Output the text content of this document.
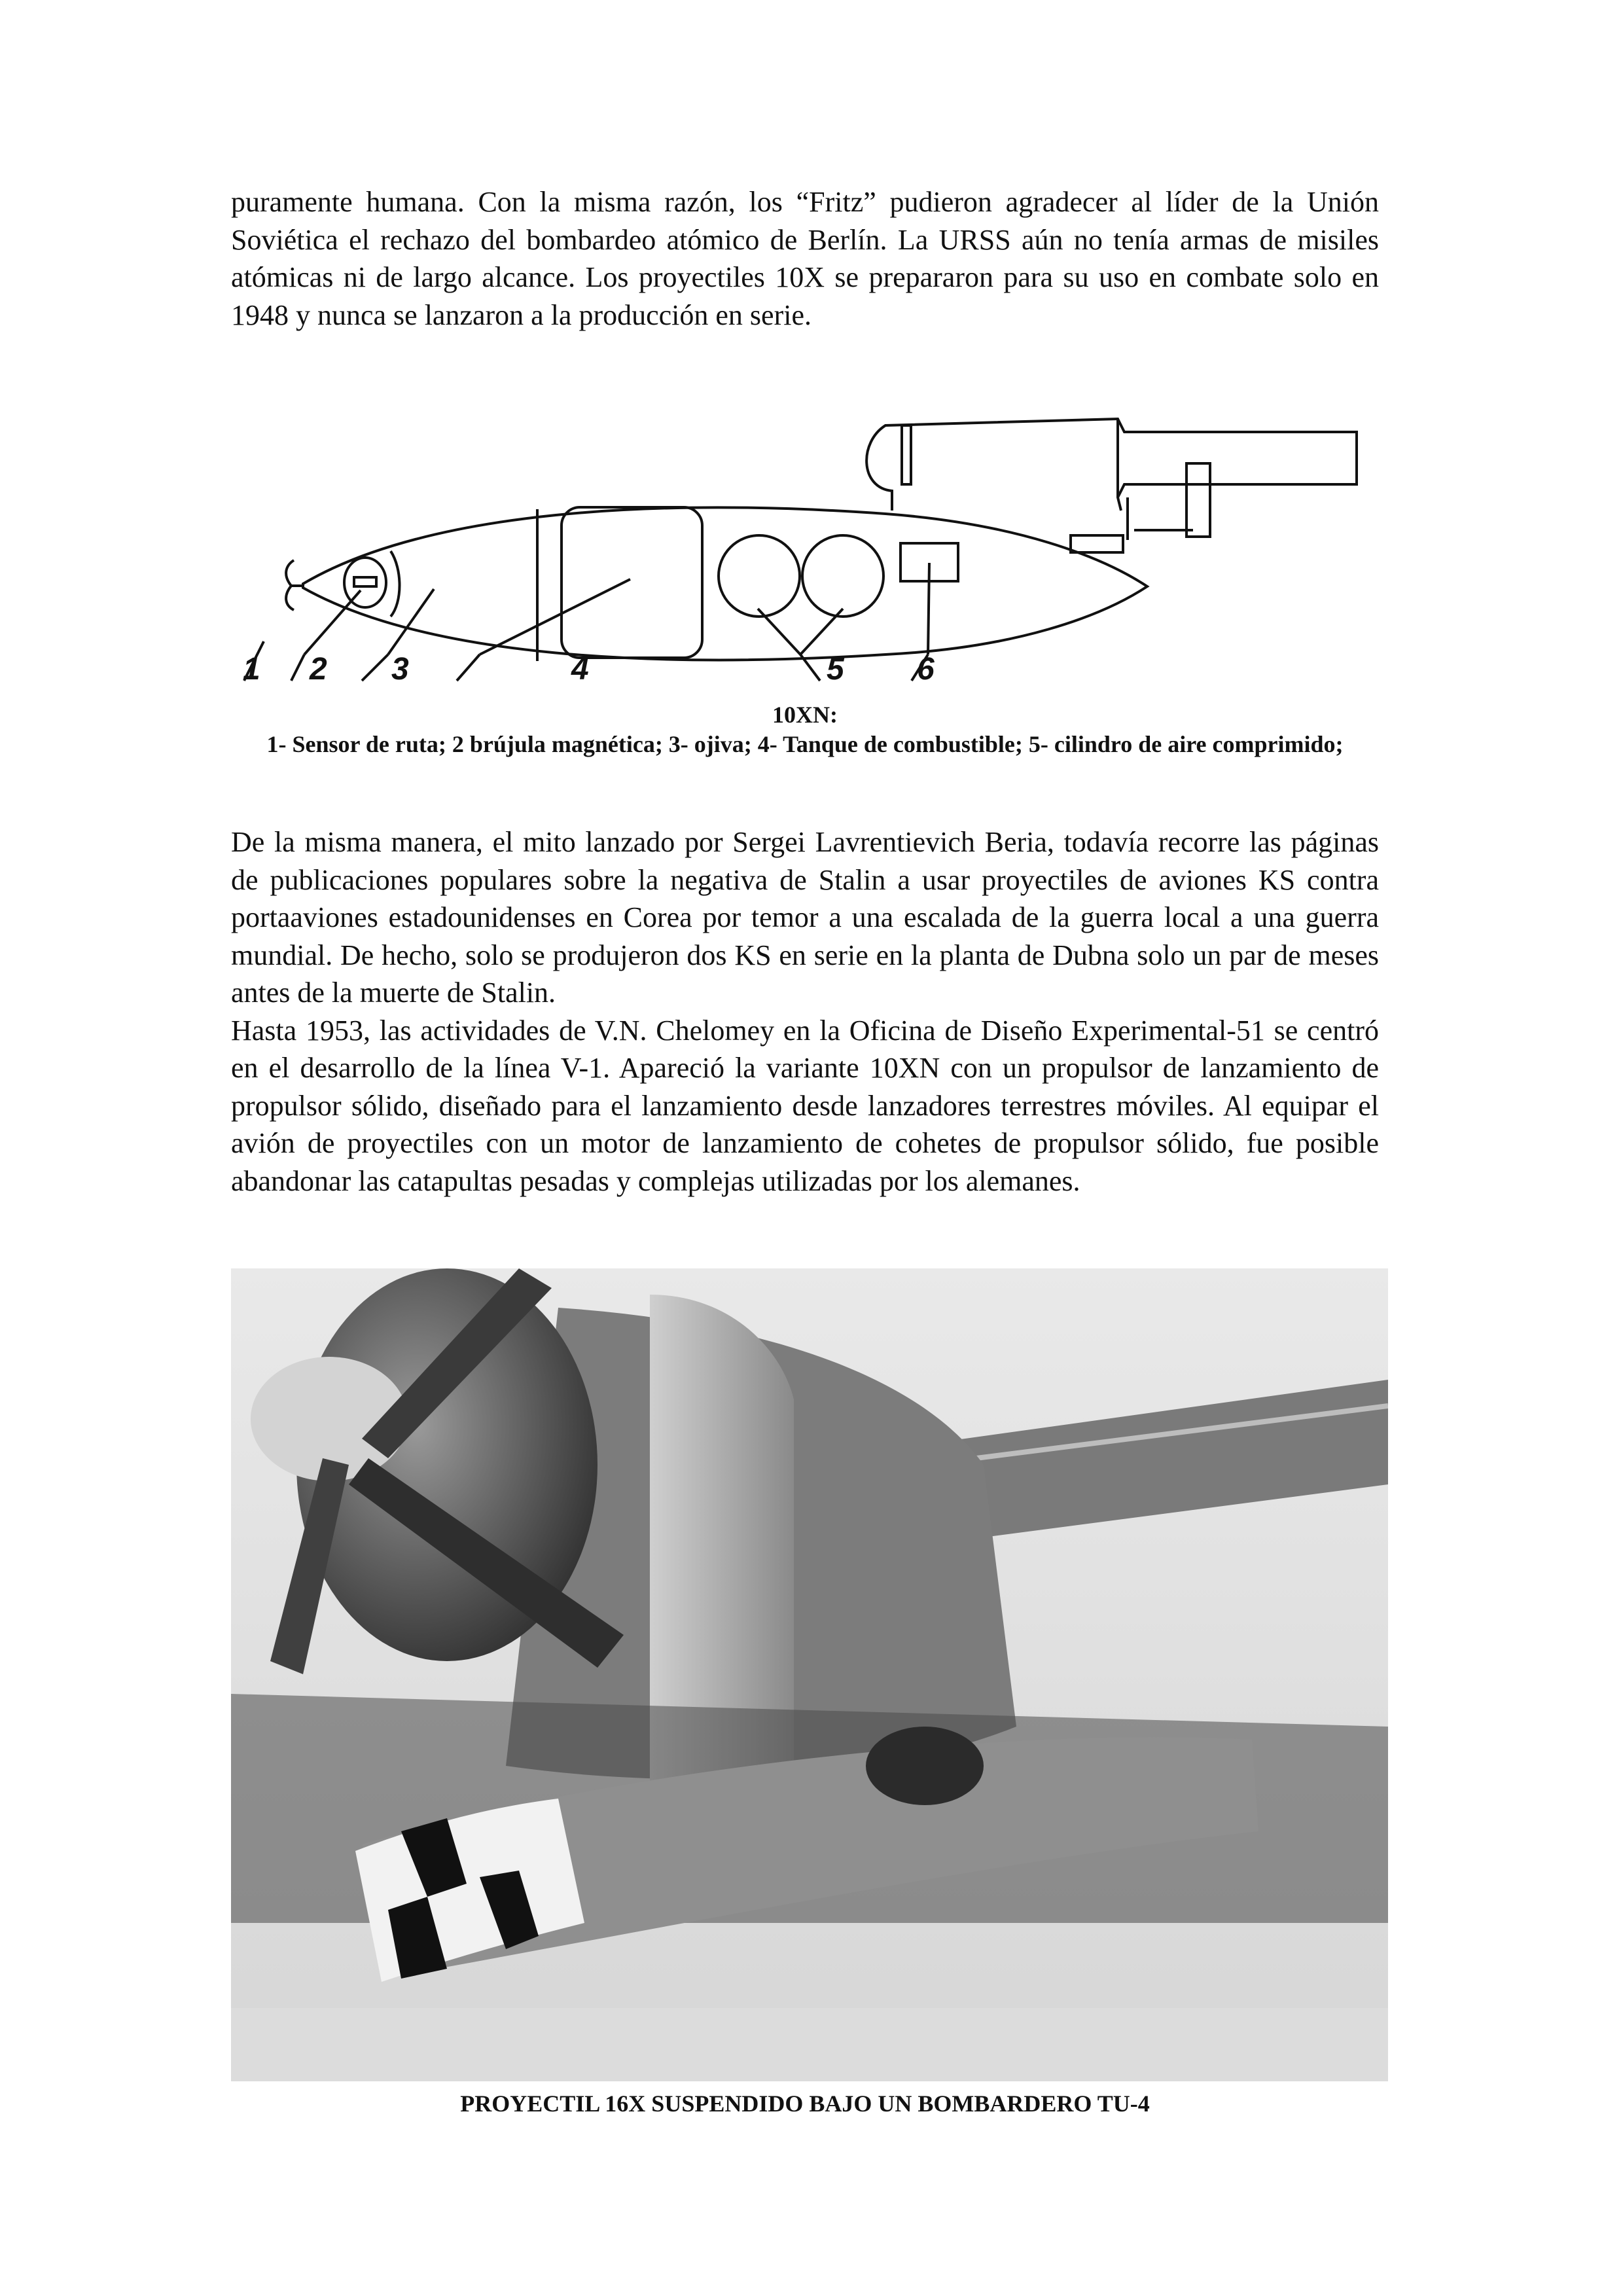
puramente humana. Con la misma razón, los “Fritz” pudieron agradecer al líder de la Unión Soviética el rechazo del bombardeo atómico de Berlín. La URSS aún no tenía armas de misiles atómicas ni de largo alcance. Los proyectiles 10X se prepararon para su uso en combate solo en 1948 y nunca se lanzaron a la producción en serie.

1 2 3	4	5 6
10XN:
1- Sensor de ruta; 2 brújula magnética; 3- ojiva; 4- Tanque de combustible; 5- cilindro de aire comprimido;

De la misma manera, el mito lanzado por Sergei Lavrentievich Beria, todavía recorre las páginas de publicaciones populares sobre la negativa de Stalin a usar proyectiles de aviones KS contra portaaviones estadounidenses en Corea por temor a una escalada de la guerra local a una guerra mundial. De hecho, solo se produjeron dos KS en serie en la planta de Dubna solo un par de meses antes de la muerte de Stalin.

Hasta 1953, las actividades de V.N. Chelomey en la Oficina de Diseño Experimental-51 se centró en el desarrollo de la línea V-1. Apareció la variante 10XN con un propulsor de lanzamiento de propulsor sólido, diseñado para el lanzamiento desde lanzadores terrestres móviles. Al equipar el avión de proyectiles con un motor de lanzamiento de cohetes de propulsor sólido, fue posible abandonar las catapultas pesadas y complejas utilizadas por los alemanes.

PROYECTIL 16X SUSPENDIDO BAJO UN BOMBARDERO TU-4
